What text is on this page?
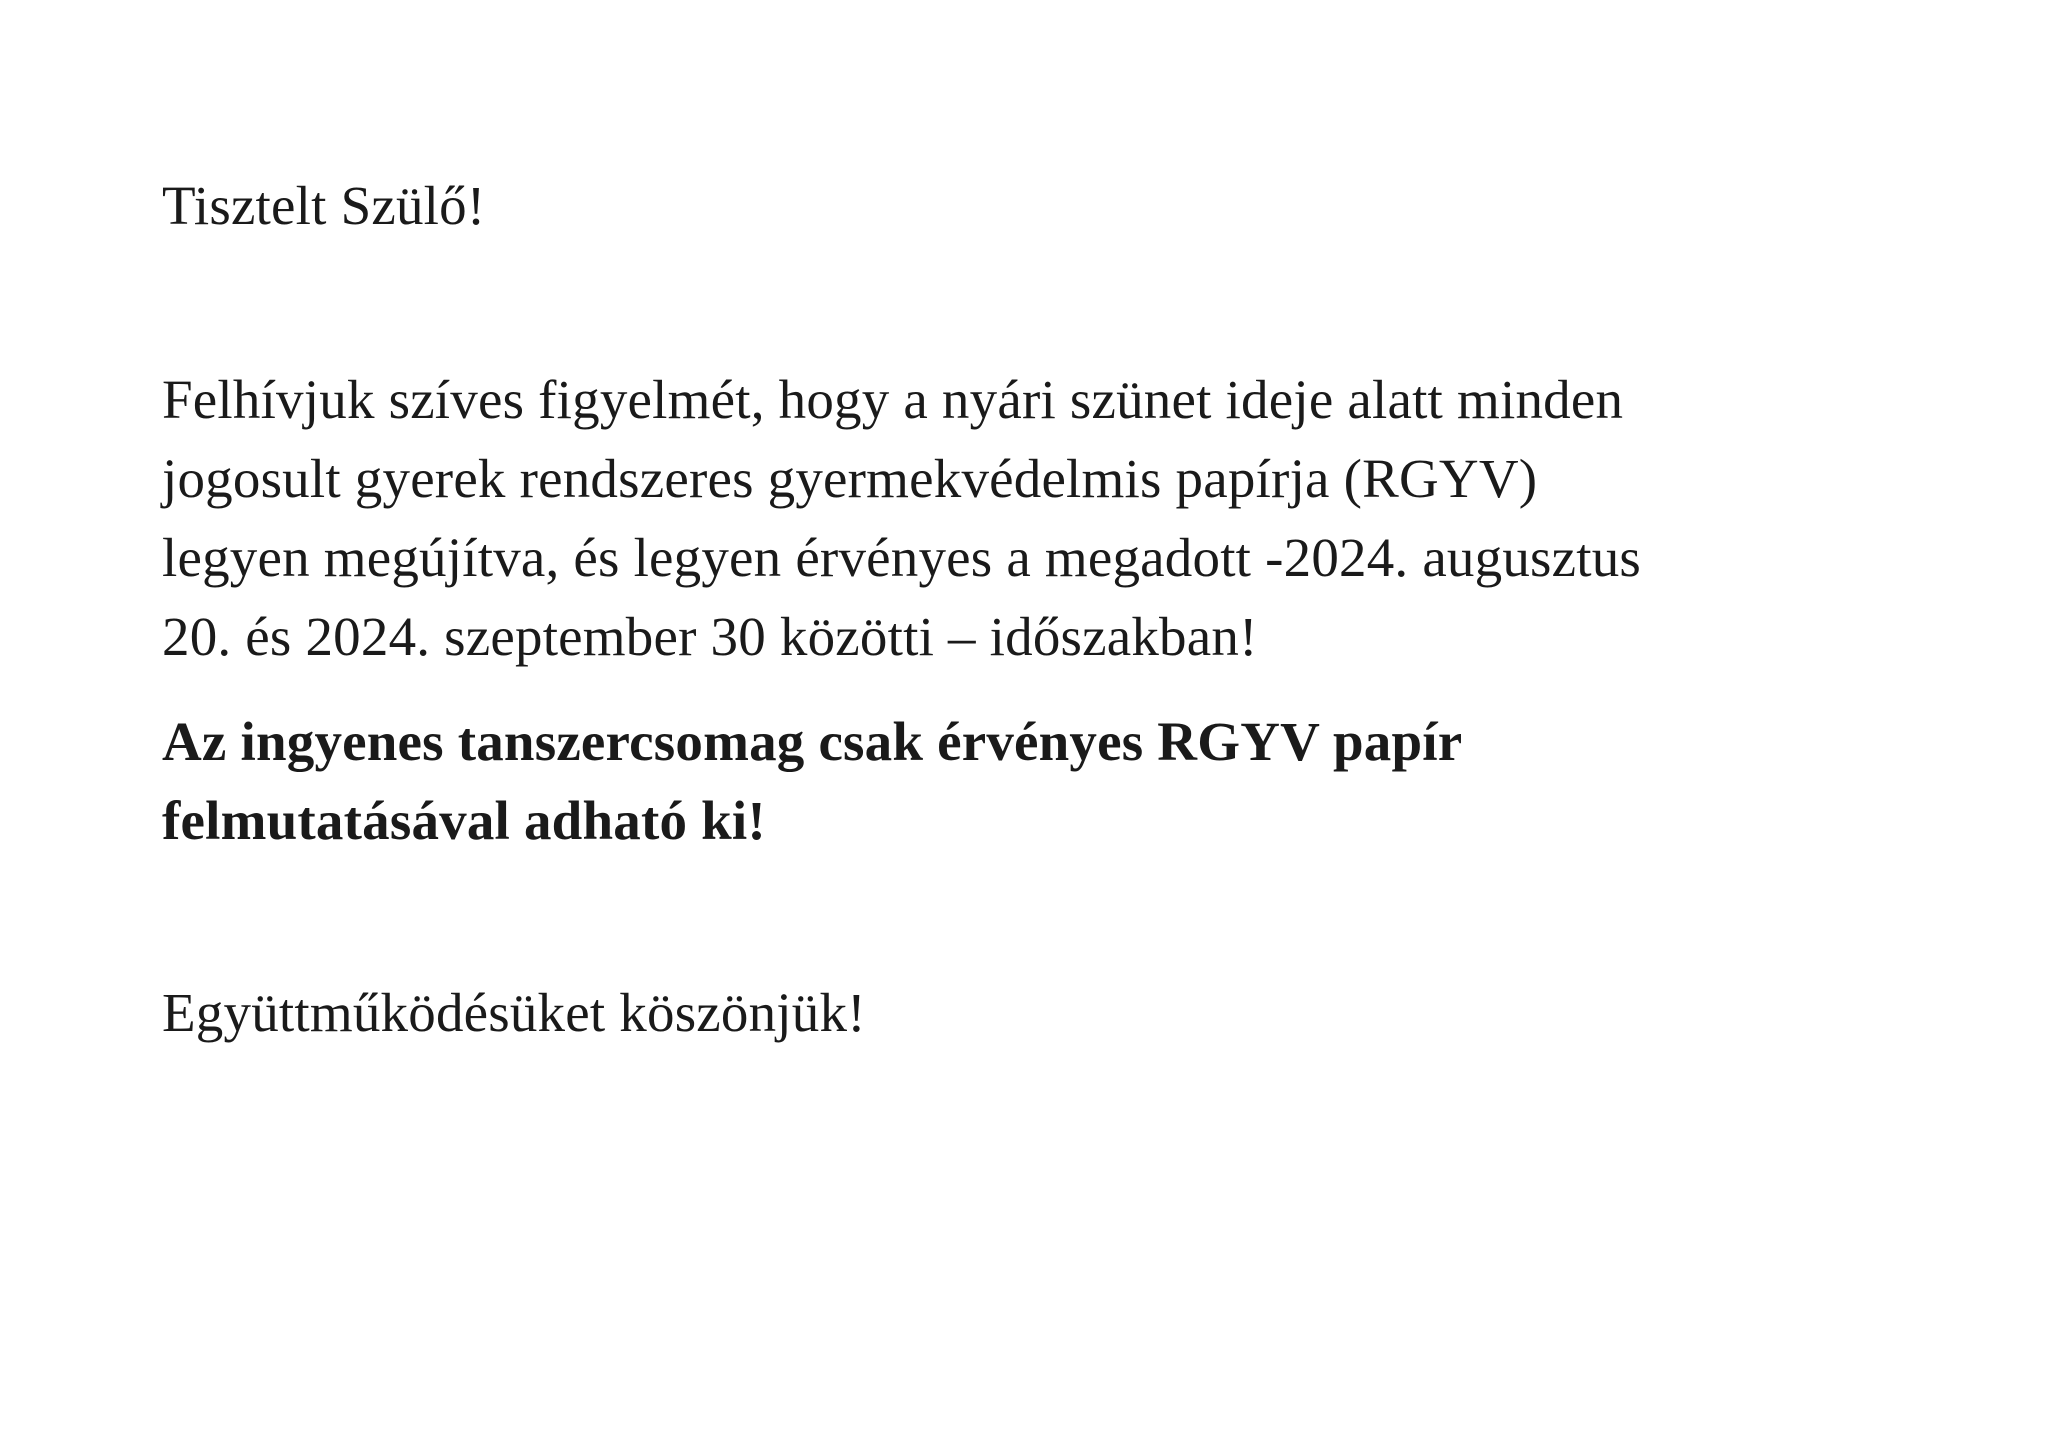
Tisztelt Szülő!

Felhívjuk szíves figyelmét, hogy a nyári szünet ideje alatt minden
jogosult gyerek rendszeres gyermekvédelmis papírja (RGYV)
legyen megújítva, és legyen érvényes a megadott -2024. augusztus
20. és 2024. szeptember 30 közötti – időszakban!

Az ingyenes tanszercsomag csak érvényes RGYV papír
felmutatásával adható ki!

Együttműködésüket köszönjük!
